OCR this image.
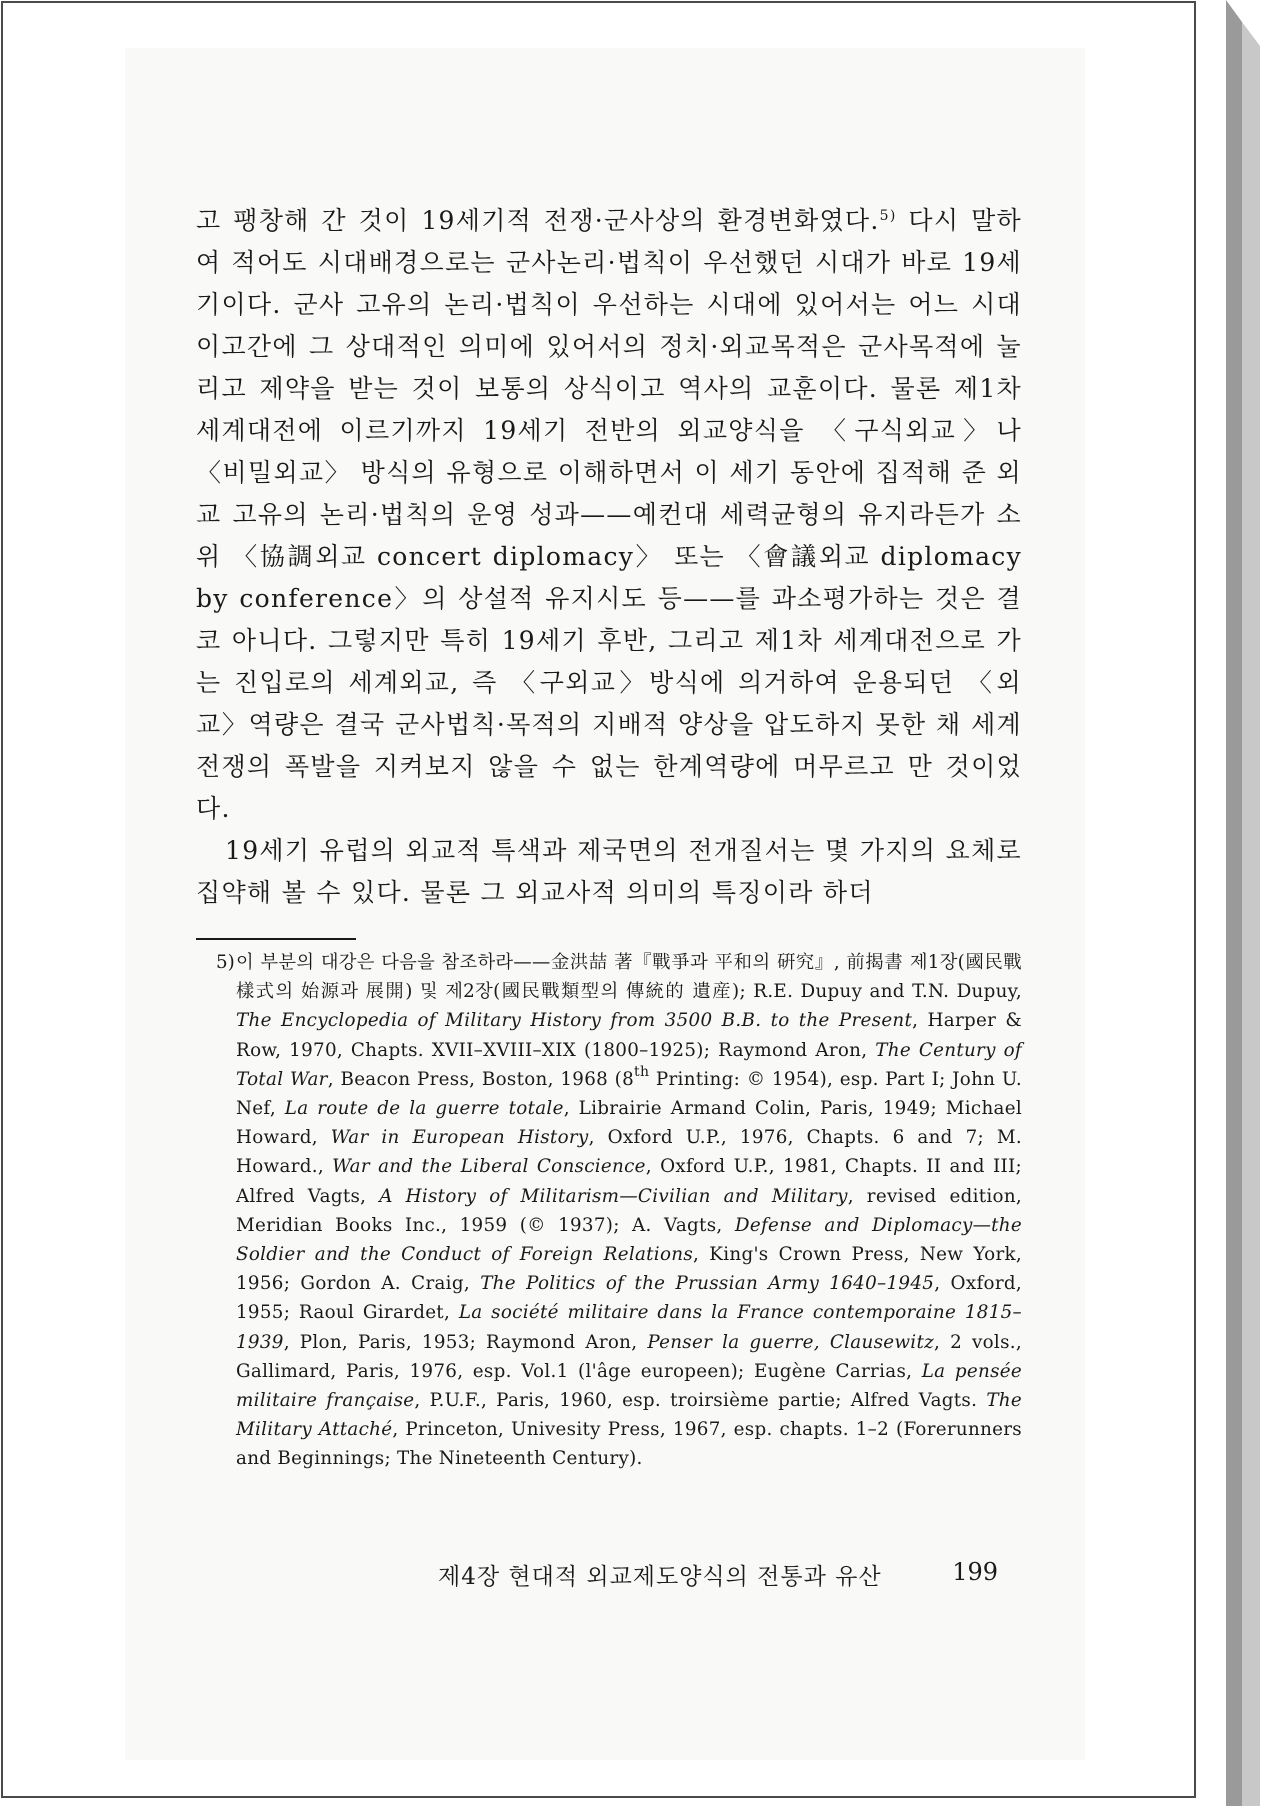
고 팽창해 간 것이 19세기적 전쟁·군사상의 환경변화였다.$^{5)}$ 다시 말하여 적어도 시대배경으로는 군사논리·법칙이 우선했던 시대가 바로 19세기이다. 군사 고유의 논리·법칙이 우선하는 시대에 있어서는 어느 시대이고간에 그 상대적인 의미에 있어서의 정치·외교목적은 군사목적에 눌리고 제약을 받는 것이 보통의 상식이고 역사의 교훈이다. 물론 제1차 세계대전에 이르기까지 19세기 전반의 외교양식을 〈구식외교〉나 〈비밀외교〉 방식의 유형으로 이해하면서 이 세기 동안에 집적해 준 외교 고유의 논리·법칙의 운영 성과——예컨대 세력균형의 유지라든가 소위 〈協調외교 concert diplomacy〉 또는 〈會議외교 diplomacy by conference〉의 상설적 유지시도 등——를 과소평가하는 것은 결코 아니다. 그렇지만 특히 19세기 후반, 그리고 제1차 세계대전으로 가는 진입로의 세계외교, 즉 〈구외교〉방식에 의거하여 운용되던 〈외교〉역량은 결국 군사법칙·목적의 지배적 양상을 압도하지 못한 채 세계전쟁의 폭발을 지켜보지 않을 수 없는 한계역량에 머무르고 만 것이었다.

19세기 유럽의 외교적 특색과 제국면의 전개질서는 몇 가지의 요체로 집약해 볼 수 있다. 물론 그 외교사적 의미의 특징이라 하더

5) 이 부분의 대강은 다음을 참조하라——金洪喆 著『戰爭과 平和의 硏究』, 前揭書 제1장(國民戰樣式의 始源과 展開) 및 제2장(國民戰類型의 傳統的 遺産); R.E. Dupuy and T.N. Dupuy, The Encyclopedia of Military History from 3500 B.B. to the Present, Harper & Row, 1970, Chapts. XVII–XVIII–XIX (1800–1925); Raymond Aron, The Century of Total War, Beacon Press, Boston, 1968 (8th Printing: © 1954), esp. Part I; John U. Nef, La route de la guerre totale, Librairie Armand Colin, Paris, 1949; Michael Howard, War in European History, Oxford U.P., 1976, Chapts. 6 and 7; M. Howard., War and the Liberal Conscience, Oxford U.P., 1981, Chapts. II and III; Alfred Vagts, A History of Militarism—Civilian and Military, revised edition, Meridian Books Inc., 1959 (© 1937); A. Vagts, Defense and Diplomacy—the Soldier and the Conduct of Foreign Relations, King's Crown Press, New York, 1956; Gordon A. Craig, The Politics of the Prussian Army 1640–1945, Oxford, 1955; Raoul Girardet, La société militaire dans la France contemporaine 1815–1939, Plon, Paris, 1953; Raymond Aron, Penser la guerre, Clausewitz, 2 vols., Gallimard, Paris, 1976, esp. Vol.1 (l'âge europeen); Eugène Carrias, La pensée militaire française, P.U.F., Paris, 1960, esp. troirsième partie; Alfred Vagts. The Military Attaché, Princeton, Univesity Press, 1967, esp. chapts. 1–2 (Forerunners and Beginnings; The Nineteenth Century).
제4장 현대적 외교제도양식의 전통과 유산	199
